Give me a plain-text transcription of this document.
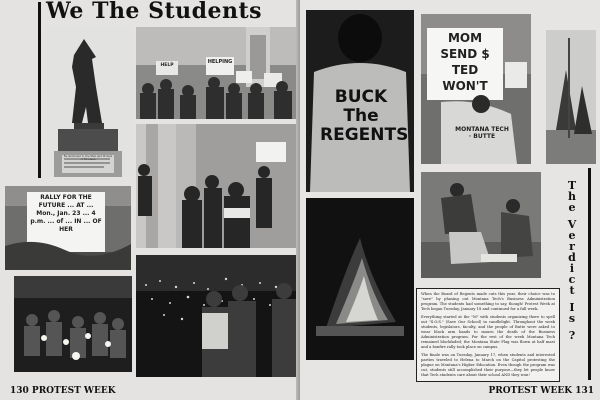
We The Students
Re-dedicated to the Men and Women of Montana
HELPING
HELP
RALLY FOR THE FUTURE ... AT ... Mon., Jan. 23 ... 4 p.m. ... of ... IN ... OF HER
130 PROTEST WEEK
BUCK The REGENTS
MOM SEND $ TED WON'T
MONTANA TECH · BUTTE
T
h
e
V
e
r
d
i
c
t
I
s
?

When the Board of Regents made cuts this year, their choice was to "save" by phasing out Montana Tech's Business Administration program. The students had something to say, though! Protest Week at Tech began Tuesday, January 18 and continued for a full week.

Everything started at the "M" with students organizing there to spell out "S.O.S." (Save Our School) in candlelight. Throughout the week students, legislators, faculty, and the people of Butte were asked to wear black arm bands to mourn the death of the Business Administration program. For the rest of the week Montana Tech remained blockfaded; the Montana State Flag was flown at half mast and a bonfire rally took place on campus.

The finale was on Tuesday, January 17, when students and interested parties traveled to Helena to March on the Capitol protesting the plague on Montana's Higher Education. Even though the program was cut, students still accomplished their purpose—they let people know that Tech students care about their school AND they won!

PROTEST WEEK 131
